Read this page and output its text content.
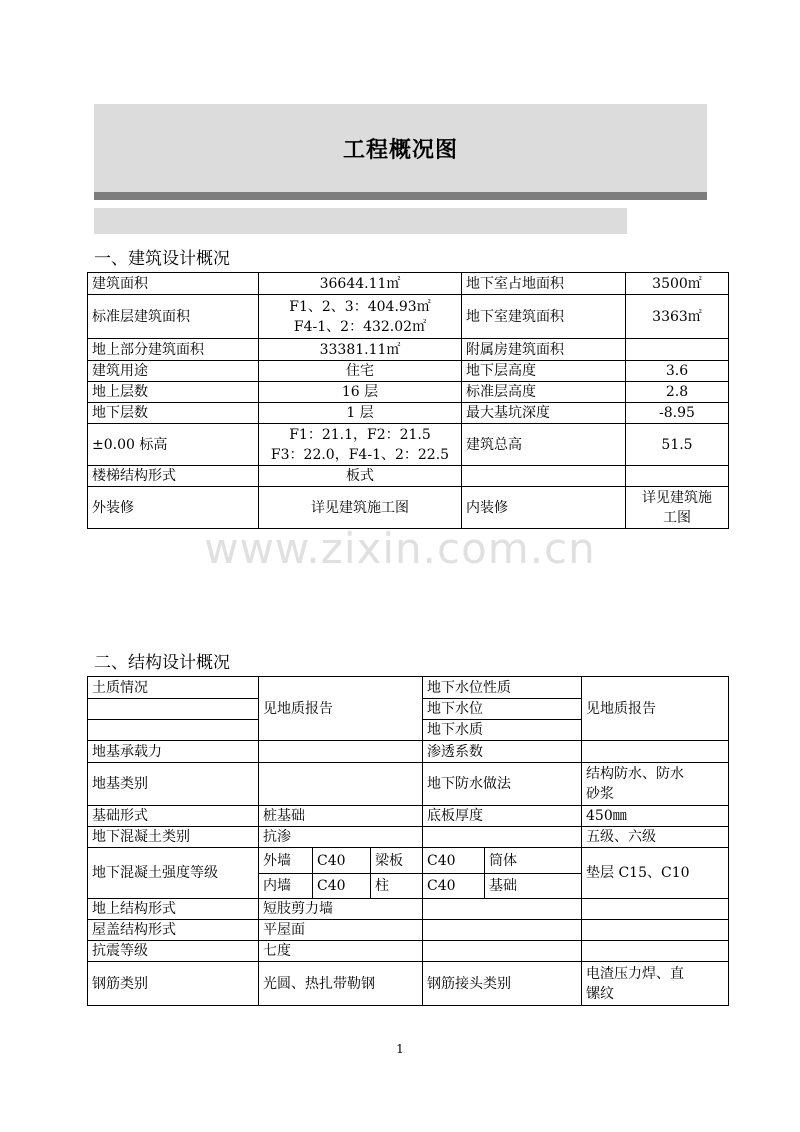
工程概况图
一、建筑设计概况
建筑面积	36644.11㎡	地下室占地面积	3500㎡
标准层建筑面积	F1、2、3：404.93㎡
F4-1、2：432.02㎡	地下室建筑面积	3363㎡
地上部分建筑面积	33381.11㎡	附属房建筑面积	
建筑用途	住宅	地下层高度	3.6
地上层数	16 层	标准层高度	2.8
地下层数	1 层	最大基坑深度	-8.95
±0.00 标高	F1：21.1，F2：21.5
F3：22.0，F4-1、2：22.5	建筑总高	51.5
楼梯结构形式	板式		
外装修	详见建筑施工图	内装修	详见建筑施
工图
www.zixin.com.cn
二、结构设计概况
土质情况	见地质报告			地下水位性质		见地质报告
				地下水位		
				地下水质		
地基承载力				渗透系数		
地基类别				地下防水做法		结构防水、防水
砂浆

基础形式	桩基础			底板厚度		450㎜
地下混凝土类别	抗渗					五级、六级
地下混凝土强度等级	外墙	C40	梁板	C40	筒体	垫层 C15、C10
	内墙	C40	柱	C40	基础	
地上结构形式	短肢剪力墙					
屋盖结构形式	平屋面					
抗震等级	七度					
钢筋类别	光圆、热扎带勒钢			钢筋接头类别		电渣压力焊、直
镙纹
1
